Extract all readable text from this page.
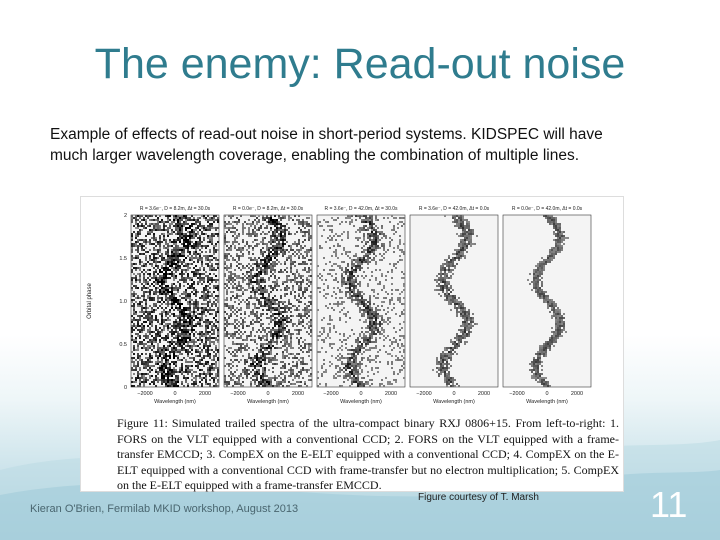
The enemy: Read-out noise
Example of effects of read-out noise in short-period systems. KIDSPEC will have much larger wavelength coverage, enabling the combination of multiple lines.
Orbital phase
0
0.5
1.0
1.5
2
R = 3.6e⁻, D = 8.2m, Δt = 30.0s
−2000	0	2000
Wavelength (nm)
R = 0.0e⁻, D = 8.2m, Δt = 30.0s
−2000	0	2000
Wavelength (nm)
R = 3.6e⁻, D = 42.0m, Δt = 30.0s
−2000	0	2000
Wavelength (nm)
R = 3.6e⁻, D = 42.0m, Δt = 0.0s
−2000	0	2000
Wavelength (nm)
R = 0.0e⁻, D = 42.0m, Δt = 0.0s
−2000	0	2000
Wavelength (nm)
Figure 11: Simulated trailed spectra of the ultra-compact binary RXJ 0806+15. From left-to-right: 1. FORS on the VLT equipped with a conventional CCD; 2. FORS on the VLT equipped with a frame-transfer EMCCD; 3. CompEX on the E-ELT equipped with a conventional CCD; 4. CompEX on the E-ELT equipped with a conventional CCD with frame-transfer but no electron multiplication; 5. CompEX on the E-ELT equipped with a frame-transfer EMCCD.
Kieran O'Brien, Fermilab MKID workshop, August 2013
Figure courtesy of T. Marsh	11
